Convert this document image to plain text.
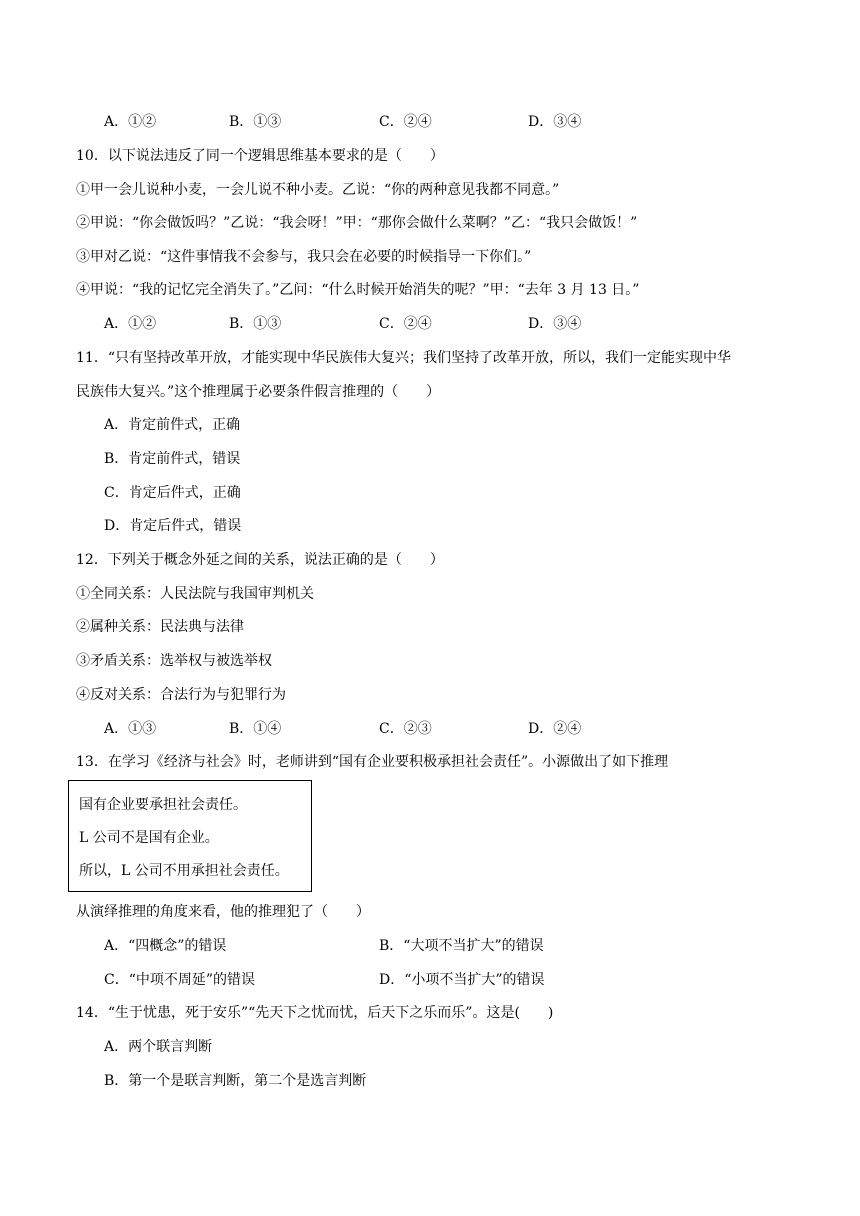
A．①②	B．①③	C．②④	D．③④
10．以下说法违反了同一个逻辑思维基本要求的是（　　）
①甲一会儿说种小麦，一会儿说不种小麦。乙说：“你的两种意见我都不同意。”
②甲说：“你会做饭吗？”乙说：“我会呀！”甲：“那你会做什么菜啊？”乙：“我只会做饭！”
③甲对乙说：“这件事情我不会参与，我只会在必要的时候指导一下你们。”
④甲说：“我的记忆完全消失了。”乙问：“什么时候开始消失的呢？”甲：“去年 3 月 13 日。”
A．①②	B．①③	C．②④	D．③④
11．“只有坚持改革开放，才能实现中华民族伟大复兴；我们坚持了改革开放，所以，我们一定能实现中华
民族伟大复兴。”这个推理属于必要条件假言推理的（　　）
A．肯定前件式，正确
B．肯定前件式，错误
C．肯定后件式，正确
D．肯定后件式，错误
12．下列关于概念外延之间的关系，说法正确的是（　　）
①全同关系：人民法院与我国审判机关
②属种关系：民法典与法律
③矛盾关系：选举权与被选举权
④反对关系：合法行为与犯罪行为
A．①③	B．①④	C．②③	D．②④
13．在学习《经济与社会》时，老师讲到“国有企业要积极承担社会责任”。小源做出了如下推理
国有企业要承担社会责任。
L 公司不是国有企业。
所以，L 公司不用承担社会责任。
从演绎推理的角度来看，他的推理犯了（　　）
A．“四概念”的错误	B．“大项不当扩大”的错误
C．“中项不周延”的错误	D．“小项不当扩大”的错误
14．“生于忧患，死于安乐”“先天下之忧而忧，后天下之乐而乐”。这是(　　)
A．两个联言判断
B．第一个是联言判断，第二个是选言判断
